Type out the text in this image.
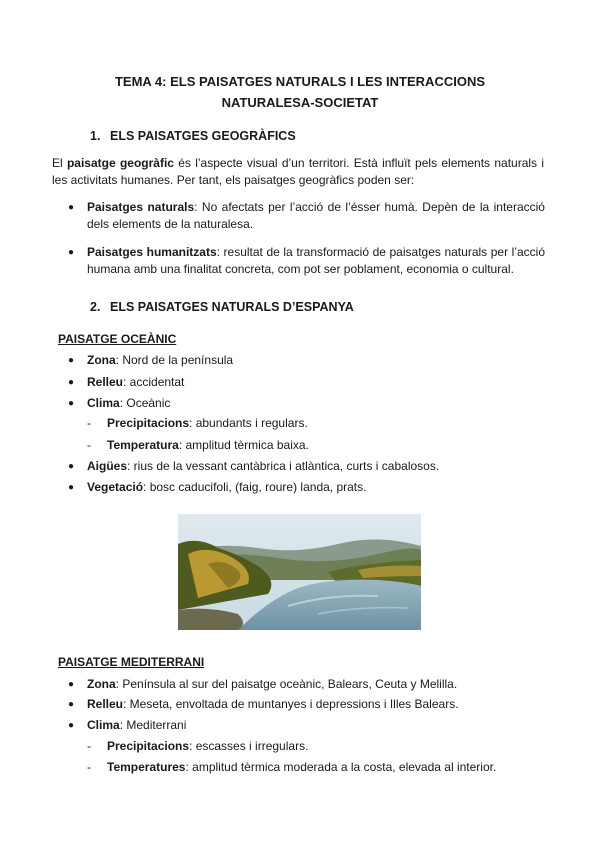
TEMA 4: ELS PAISATGES NATURALS I LES INTERACCIONS
NATURALESA-SOCIETAT
1. ELS PAISATGES GEOGRÀFICS
El paisatge geogràfic és l’aspecte visual d’un territori. Està influït pels elements naturals i les activitats humanes. Per tant, els paisatges geogràfics poden ser:
●	Paisatges naturals: No afectats per l’acció de l’ésser humà. Depèn de la interacció dels elements de la naturalesa.
●	Paisatges humanitzats: resultat de la transformació de paisatges naturals per l’acció humana amb una finalitat concreta, com pot ser poblament, economia o cultural.
2. ELS PAISATGES NATURALS D’ESPANYA
PAISATGE OCEÀNIC
●	Zona: Nord de la península
●	Relleu: accidentat
●	Clima: Oceànic
- Precipitacions: abundants i regulars.
- Temperatura: amplitud tèrmica baixa.
●	Aigües: rius de la vessant cantàbrica i atlàntica, curts i cabalosos.
●	Vegetació: bosc caducifoli, (faig, roure) landa, prats.
PAISATGE MEDITERRANI
●	Zona: Península al sur del paisatge oceànic, Balears, Ceuta y Melilla.
●	Relleu: Meseta, envoltada de muntanyes i depressions i Illes Balears.
●	Clima: Mediterrani
- Precipitacions: escasses i irregulars.
- Temperatures: amplitud tèrmica moderada a la costa, elevada al interior.
